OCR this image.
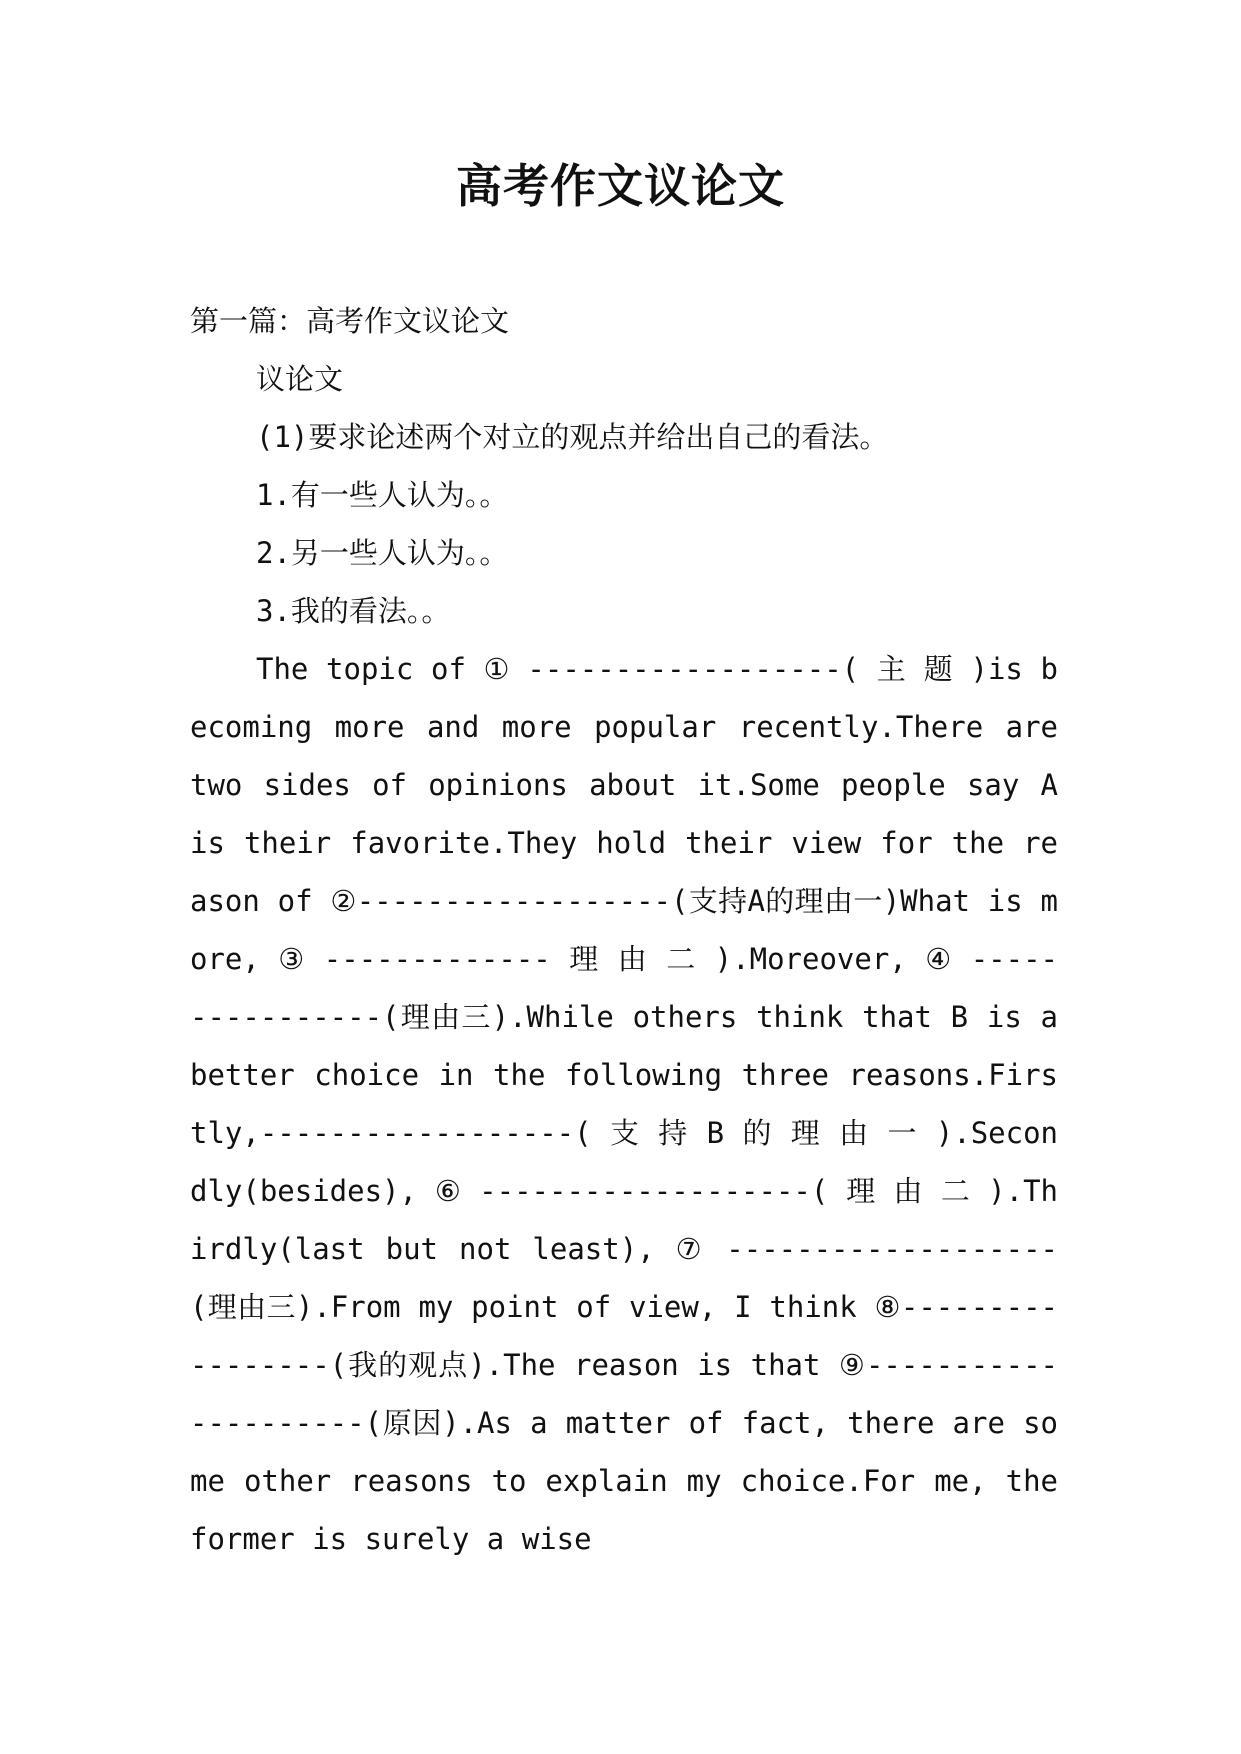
高考作文议论文

第一篇：高考作文议论文

议论文

(1)要求论述两个对立的观点并给出自己的看法。

1.有一些人认为。。

2.另一些人认为。。

3.我的看法。。

The topic of ① ------------------( 主 题 )is becoming more and more popular recently.There are two sides of opinions about it.Some people say A is their favorite.They hold their view for the reason of ②------------------(支持A的理由一)What is more, ③ ------------- 理 由 二 ).Moreover, ④ ----------------(理由三).While others think that B is a better choice in the following three reasons.Firstly,------------------( 支 持 B 的 理 由 一 ).Secondly(besides), ⑥ -------------------( 理 由 二 ).Thirdly(last but not least), ⑦ -------------------(理由三).From my point of view, I think ⑧-----------------(我的观点).The reason is that ⑨---------------------(原因).As a matter of fact, there are some other reasons to explain my choice.For me, the former is surely a wise
